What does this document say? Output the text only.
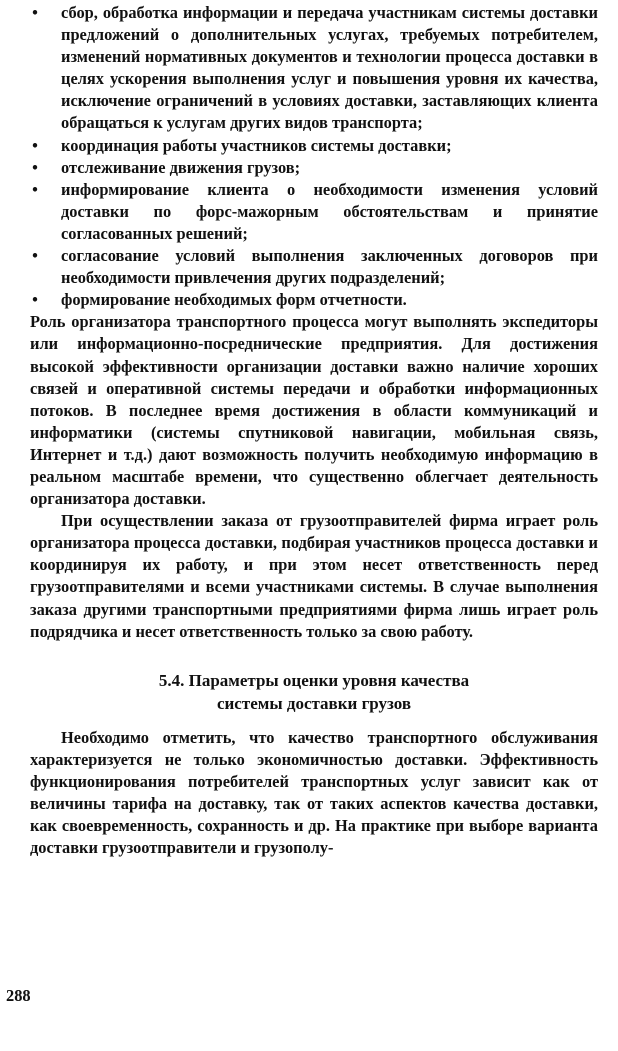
• сбор, обработка информации и передача участникам системы доставки предложений о дополнительных услугах, требуемых потребителем, изменений нормативных документов и технологии процесса доставки в целях ускорения выполнения услуг и повышения уровня их качества, исключение ограничений в условиях доставки, заставляющих клиента обращаться к услугам других видов транспорта;
• координация работы участников системы доставки;
• отслеживание движения грузов;
• информирование клиента о необходимости изменения условий доставки по форс-мажорным обстоятельствам и принятие согласованных решений;
• согласование условий выполнения заключенных договоров при необходимости привлечения других подразделений;
• формирование необходимых форм отчетности.

Роль организатора транспортного процесса могут выполнять экспедиторы или информационно-посреднические предприятия. Для достижения высокой эффективности организации доставки важно наличие хороших связей и оперативной системы передачи и обработки информационных потоков. В последнее время достижения в области коммуникаций и информатики (системы спутниковой навигации, мобильная связь, Интернет и т.д.) дают возможность получить необходимую информацию в реальном масштабе времени, что существенно облегчает деятельность организатора доставки.

При осуществлении заказа от грузоотправителей фирма играет роль организатора процесса доставки, подбирая участников процесса доставки и координируя их работу, и при этом несет ответственность перед грузоотправителями и всеми участниками системы. В случае выполнения заказа другими транспортными предприятиями фирма лишь играет роль подрядчика и несет ответственность только за свою работу.

5.4. Параметры оценки уровня качества
системы доставки грузов

Необходимо отметить, что качество транспортного обслуживания характеризуется не только экономичностью доставки. Эффективность функционирования потребителей транспортных услуг зависит как от величины тарифа на доставку, так от таких аспектов качества доставки, как своевременность, сохранность и др. На практике при выборе варианта доставки грузоотправители и грузополу-

288
